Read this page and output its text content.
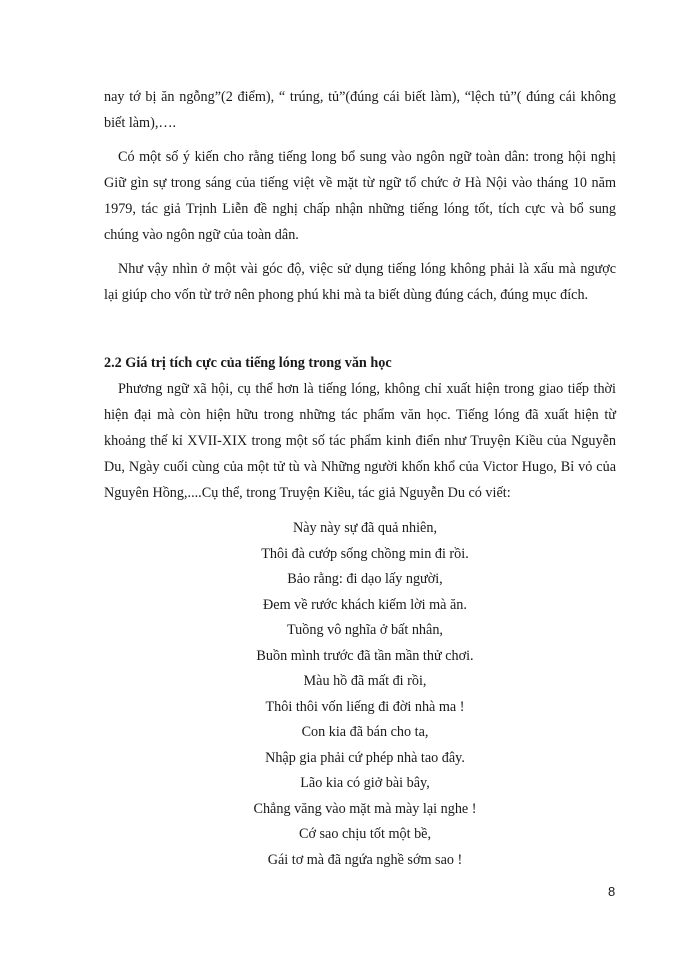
nay tớ bị ăn ngỗng”(2 điểm), “ trúng, tủ”(đúng cái biết làm), “lệch tủ”( đúng cái không biết làm),….

Có một số ý kiến cho rằng tiếng long bổ sung vào ngôn ngữ toàn dân: trong hội nghị Giữ gìn sự trong sáng của tiếng việt về mặt từ ngữ tổ chức ở Hà Nội vào tháng 10 năm 1979, tác giả Trịnh Liễn đề nghị chấp nhận những tiếng lóng tốt, tích cực và bổ sung chúng vào ngôn ngữ của toàn dân.

Như vậy nhìn ở một vài góc độ, việc sử dụng tiếng lóng không phải là xấu mà ngược lại giúp cho vốn từ trở nên phong phú khi mà ta biết dùng đúng cách, đúng mục đích.

2.2 Giá trị tích cực của tiếng lóng trong văn học

Phương ngữ xã hội, cụ thể hơn là tiếng lóng, không chỉ xuất hiện trong giao tiếp thời hiện đại mà còn hiện hữu trong những tác phẩm văn học. Tiếng lóng đã xuất hiện từ khoảng thế kỉ XVII-XIX trong một số tác phẩm kinh điển như Truyện Kiều của Nguyễn Du, Ngày cuối cùng của một tử tù và Những người khốn khổ của Victor Hugo, Bỉ vỏ của Nguyên Hồng,....Cụ thể, trong Truyện Kiều, tác giả Nguyễn Du có viết:

Này này sự đã quả nhiên,
Thôi đà cướp sống chồng min đi rồi.
Bảo rằng: đi dạo lấy người,
Đem về rước khách kiếm lời mà ăn.
Tuồng vô nghĩa ở bất nhân,
Buồn mình trước đã tần mần thử chơi.
Màu hồ đã mất đi rồi,
Thôi thôi vốn liếng đi đời nhà ma !
Con kia đã bán cho ta,
Nhập gia phải cứ phép nhà tao đây.
Lão kia có giở bài bây,
Chẳng văng vào mặt mà mày lại nghe !
Cớ sao chịu tốt một bề,
Gái tơ mà đã ngứa nghề sớm sao !
8
